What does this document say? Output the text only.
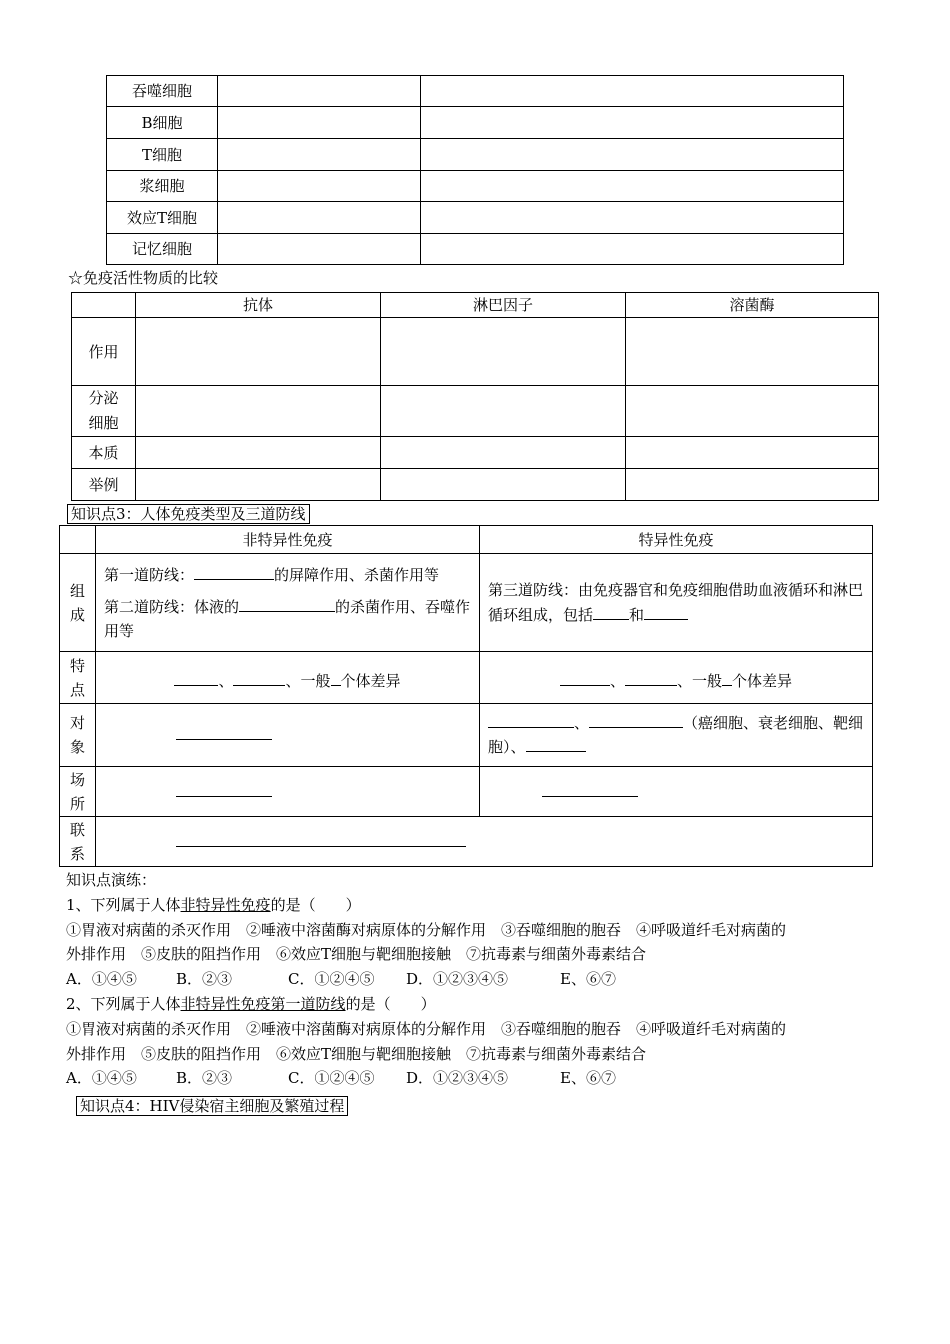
吞噬细胞		
B细胞		
T细胞		
浆细胞		
效应T细胞		
记忆细胞		
☆免疫活性物质的比较
	抗体	淋巴因子	溶菌酶
作用			

分泌细胞			

本质			
举例			
知识点3：人体免疫类型及三道防线
	非特异性免疫	特异性免疫

组成	第一道防线： 的屏障作用、杀菌作用等
第二道防线：体液的 的杀菌作用、吞噬作用等	第三道防线：由免疫器官和免疫细胞借助血液循环和淋巴循环组成，包括 和

特点	、 、一般 个体差异	、 、一般 个体差异

对象		、 （癌细胞、衰老细胞、靶细胞）、

场所		

联系		

知识点演练：
1、下列属于人体非特异性免疫的是（　　）
①胃液对病菌的杀灭作用　②唾液中溶菌酶对病原体的分解作用　③吞噬细胞的胞吞　④呼吸道纤毛对病菌的
外排作用　⑤皮肤的阻挡作用　⑥效应T细胞与靶细胞接触　⑦抗毒素与细菌外毒素结合
A．①④⑤	B．②③	C．①②④⑤ D．①②③④⑤	E、⑥⑦
2、下列属于人体非特异性免疫第一道防线的是（　　）
①胃液对病菌的杀灭作用　②唾液中溶菌酶对病原体的分解作用　③吞噬细胞的胞吞　④呼吸道纤毛对病菌的
外排作用　⑤皮肤的阻挡作用　⑥效应T细胞与靶细胞接触　⑦抗毒素与细菌外毒素结合
A．①④⑤	B．②③	C．①②④⑤ D．①②③④⑤	E、⑥⑦
知识点4：HIV侵染宿主细胞及繁殖过程
